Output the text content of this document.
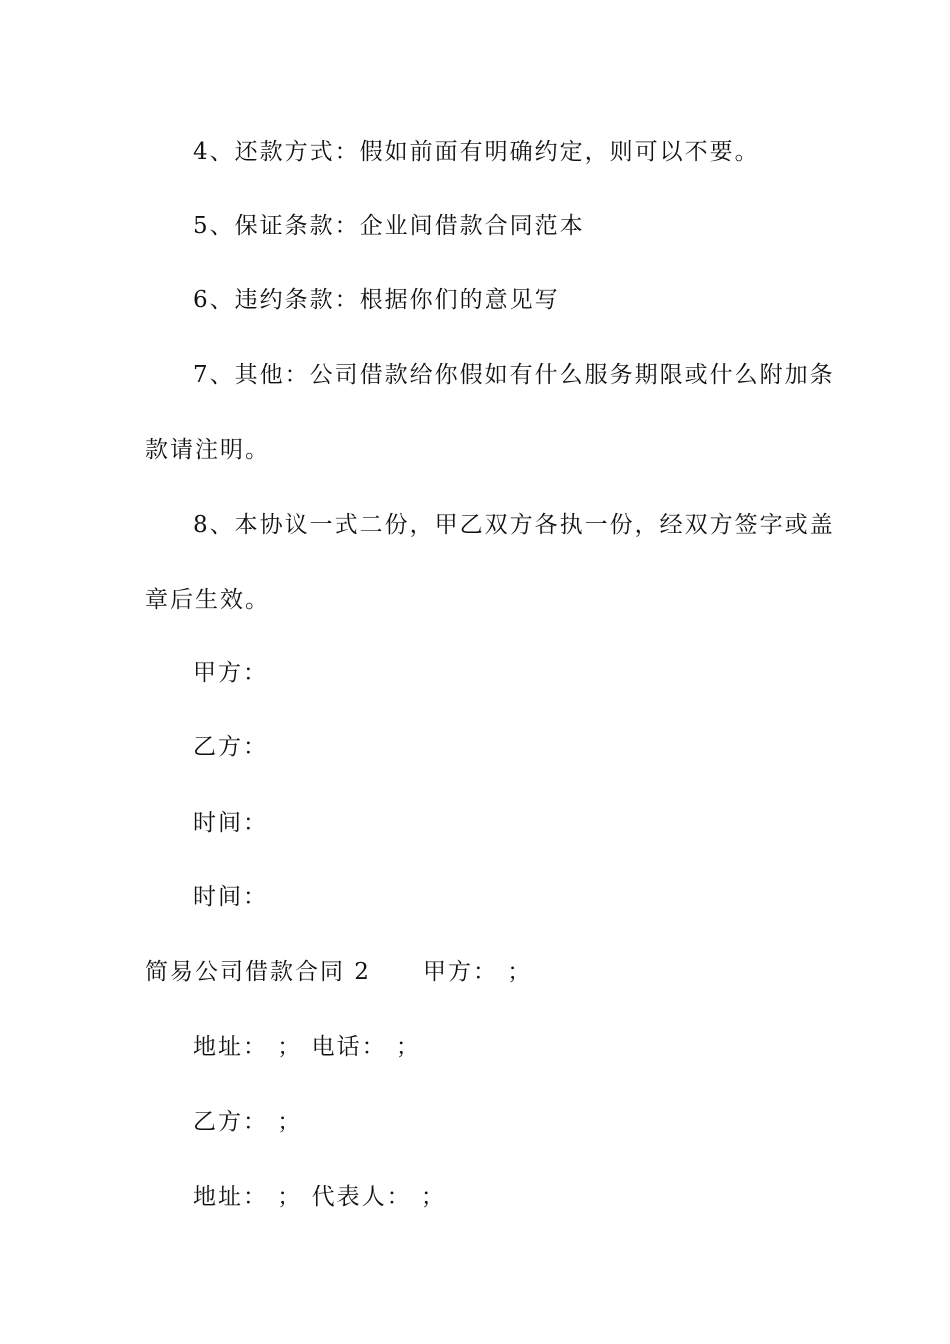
4、还款方式：假如前面有明确约定，则可以不要。
5、保证条款：企业间借款合同范本
6、违约条款：根据你们的意见写
7、其他：公司借款给你假如有什么服务期限或什么附加条
款请注明。
8、本协议一式二份，甲乙双方各执一份，经双方签字或盖
章后生效。
甲方：
乙方：
时间：
时间：
简易公司借款合同 2 甲方： ；
地址： ； 电话： ；
乙方： ；
地址： ； 代表人： ；
